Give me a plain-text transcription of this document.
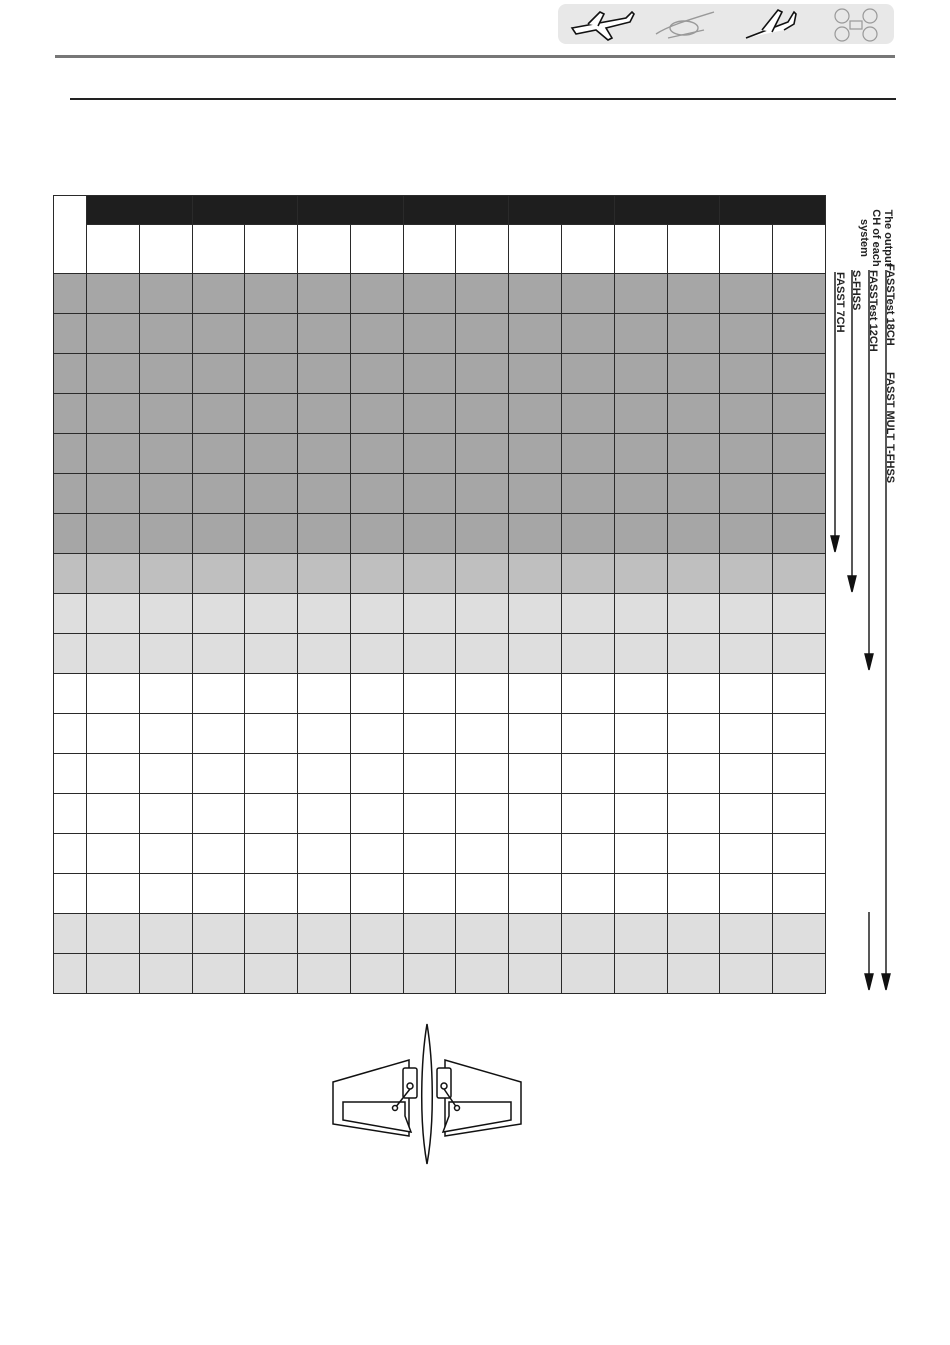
The output
CH of each
system
FASSTest 18CH
FASST MULT
T-FHSS
FASSTest 12CH
S-FHSS
FASST 7CH
